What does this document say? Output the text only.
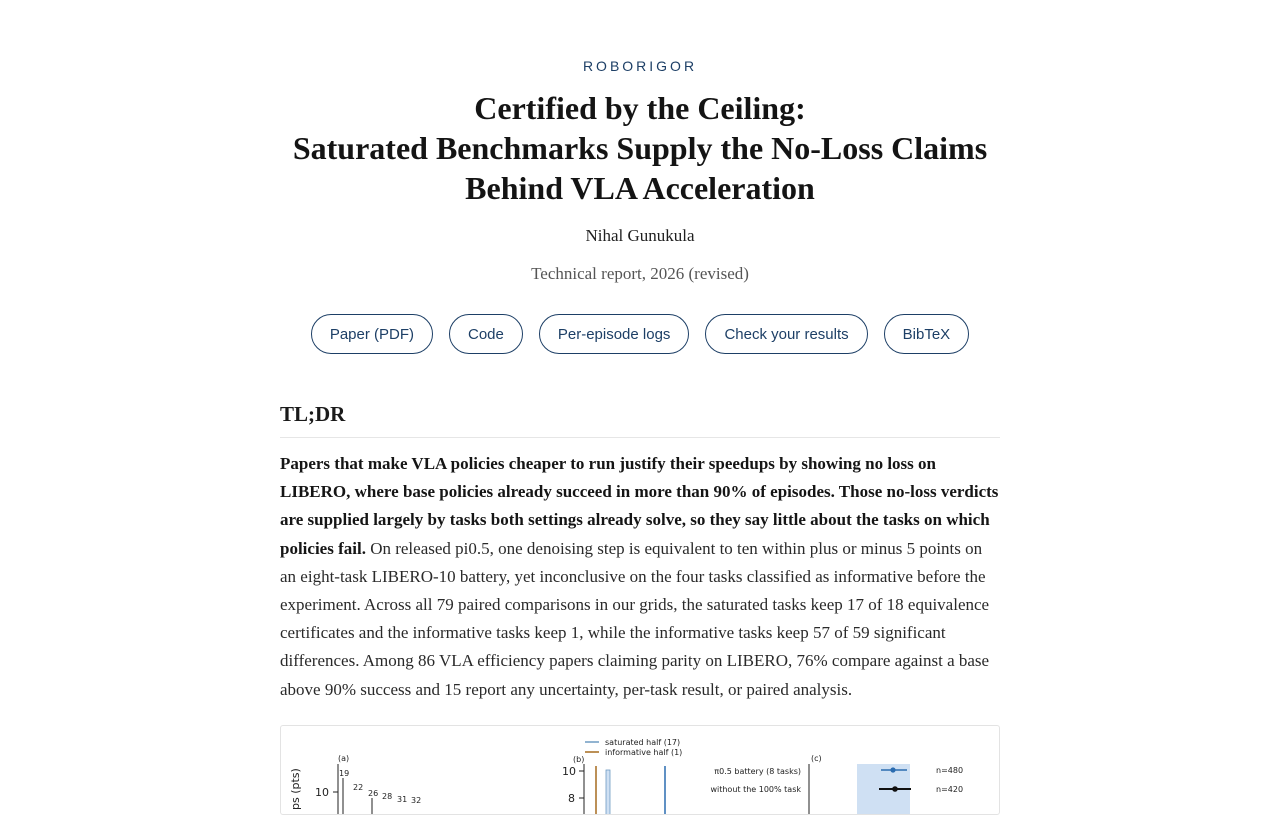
ROBORIGOR
Certified by the Ceiling:
Saturated Benchmarks Supply the No-Loss Claims
Behind VLA Acceleration
Nihal Gunukula
Technical report, 2026 (revised)
Paper (PDF)	Code	Per-episode logs	Check your results	BibTeX
TL;DR

Papers that make VLA policies cheaper to run justify their speedups by showing no loss on LIBERO, where base policies already succeed in more than 90% of episodes. Those no-loss verdicts are supplied largely by tasks both settings already solve, so they say little about the tasks on which policies fail. On released pi0.5, one denoising step is equivalent to ten within plus or minus 5 points on an eight-task LIBERO-10 battery, yet inconclusive on the four tasks classified as informative before the experiment. Across all 79 paired comparisons in our grids, the saturated tasks keep 17 of 18 equivalence certificates and the informative tasks keep 1, while the informative tasks keep 57 of 59 significant differences. Among 86 VLA efficiency papers claiming parity on LIBERO, 76% compare against a base above 90% success and 15 report any uncertainty, per-task result, or paired analysis.

(a)
ps (pts) 10
19
22
26 28 31 32
(b)
saturated half (17)
informative half (1)
10
8
(c)
π0.5 battery (8 tasks)
without the 100% task
n=480
n=420
